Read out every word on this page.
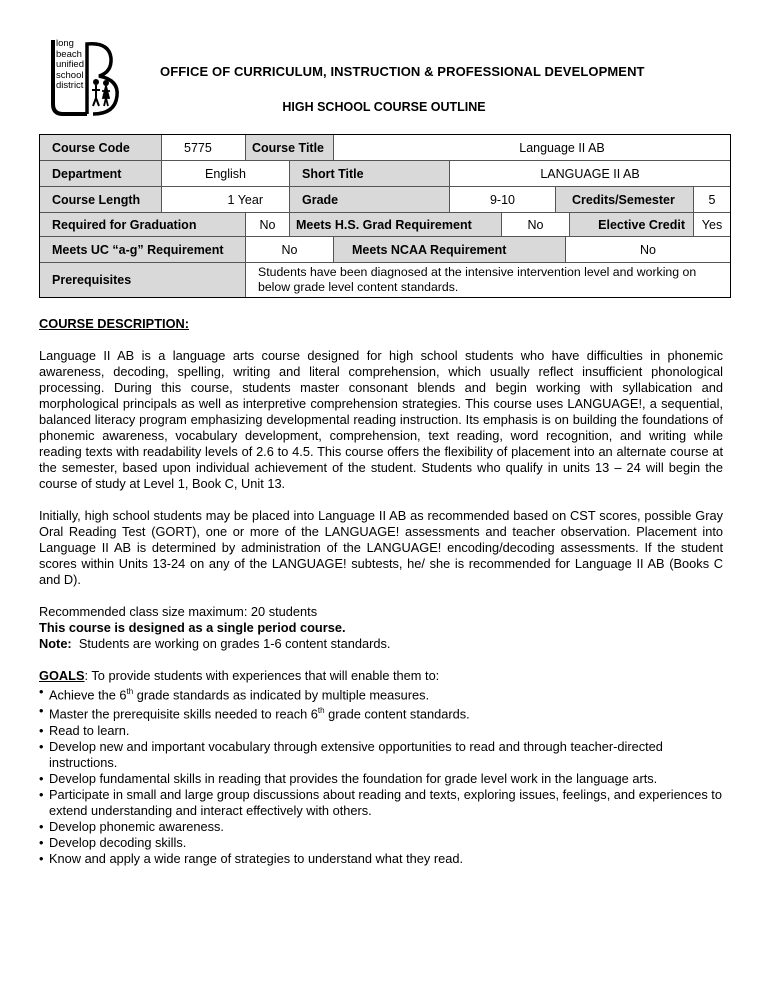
long
beach
unified
school
district
OFFICE OF CURRICULUM, INSTRUCTION & PROFESSIONAL DEVELOPMENT
HIGH SCHOOL COURSE OUTLINE
Course Code	5775	Course Title	Language II AB
Department	English	Short Title	LANGUAGE II AB
Course Length	1 Year	Grade	9-10	Credits/Semester	5
Required for Graduation	No	Meets H.S. Grad Requirement	No	Elective Credit	Yes
Meets UC “a-g” Requirement	No	Meets NCAA Requirement	No
Prerequisites
Students have been diagnosed at the intensive intervention level and working on below grade level content standards.
COURSE DESCRIPTION:
Language II AB is a language arts course designed for high school students who have difficulties in phonemic awareness, decoding, spelling, writing and literal comprehension, which usually reflect insufficient phonological processing. During this course, students master consonant blends and begin working with syllabication and morphological principals as well as interpretive comprehension strategies. This course uses LANGUAGE!, a sequential, balanced literacy program emphasizing developmental reading instruction. Its emphasis is on building the foundations of phonemic awareness, vocabulary development, comprehension, text reading, word recognition, and writing while reading texts with readability levels of 2.6 to 4.5. This course offers the flexibility of placement into an alternate course at the semester, based upon individual achievement of the student. Students who qualify in units 13 – 24 will begin the course of study at Level 1, Book C, Unit 13.
Initially, high school students may be placed into Language II AB as recommended based on CST scores, possible Gray Oral Reading Test (GORT), one or more of the LANGUAGE! assessments and teacher observation. Placement into Language II AB is determined by administration of the LANGUAGE! encoding/decoding assessments. If the student scores within Units 13-24 on any of the LANGUAGE! subtests, he/ she is recommended for Language II AB (Books C and D).
Recommended class size maximum: 20 students
This course is designed as a single period course.
Note: Students are working on grades 1-6 content standards.
GOALS: To provide students with experiences that will enable them to:
• Achieve the 6th grade standards as indicated by multiple measures.
• Master the prerequisite skills needed to reach 6th grade content standards.
• Read to learn.
• Develop new and important vocabulary through extensive opportunities to read and through teacher-directed instructions.
• Develop fundamental skills in reading that provides the foundation for grade level work in the language arts.
• Participate in small and large group discussions about reading and texts, exploring issues, feelings, and experiences to extend understanding and interact effectively with others.
• Develop phonemic awareness.
• Develop decoding skills.
• Know and apply a wide range of strategies to understand what they read.
